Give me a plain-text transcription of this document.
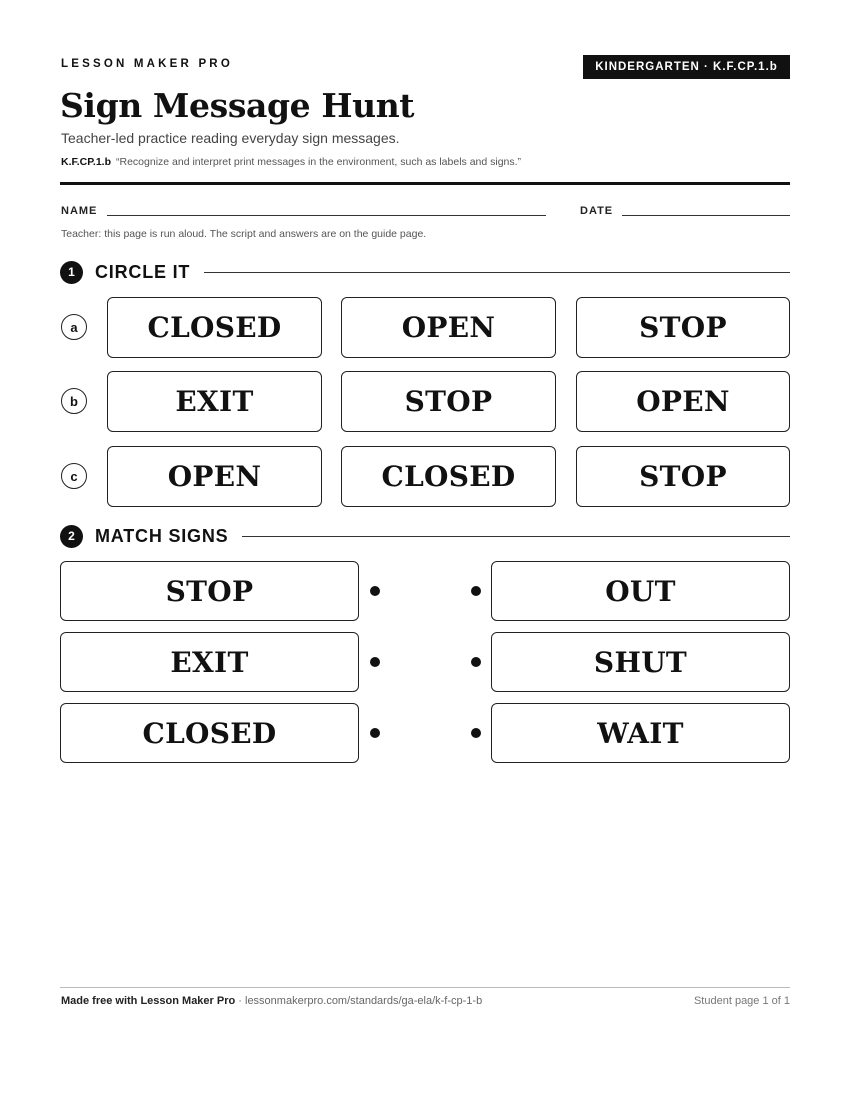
LESSON MAKER PRO	KINDERGARTEN · K.F.CP.1.b
Sign Message Hunt
Teacher-led practice reading everyday sign messages.
K.F.CP.1.b “Recognize and interpret print messages in the environment, such as labels and signs.”
NAME	DATE
Teacher: this page is run aloud. The script and answers are on the guide page.
1	CIRCLE IT
a	CLOSED	OPEN	STOP
b	EXIT	STOP	OPEN
c	OPEN	CLOSED	STOP
2	MATCH SIGNS
STOP	OUT
EXIT	SHUT
CLOSED	WAIT
Made free with Lesson Maker Pro · lessonmakerpro.com/standards/ga-ela/k-f-cp-1-b	Student page 1 of 1
